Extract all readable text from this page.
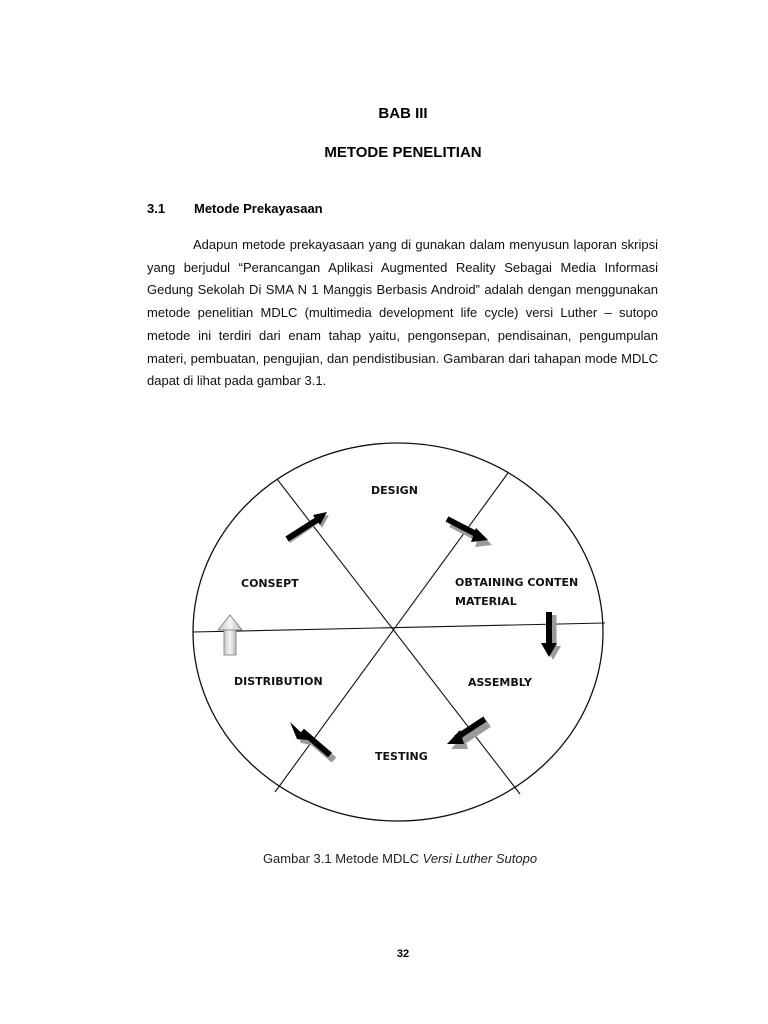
BAB III
METODE PENELITIAN
3.1 Metode Prekayasaan
Adapun metode prekayasaan yang di gunakan dalam menyusun laporan skripsi yang berjudul “Perancangan Aplikasi Augmented Reality Sebagai Media Informasi Gedung Sekolah Di SMA N 1 Manggis Berbasis Android” adalah dengan menggunakan metode penelitian MDLC (multimedia development life cycle) versi Luther – sutopo metode ini terdiri dari enam tahap yaitu, pengonsepan, pendisainan, pengumpulan materi, pembuatan, pengujian, dan pendistibusian. Gambaran dari tahapan mode MDLC dapat di lihat pada gambar 3.1.
DESIGN
OBTAINING CONTEN
MATERIAL
ASSEMBLY
TESTING
DISTRIBUTION
CONSEPT
Gambar 3.1 Metode MDLC Versi Luther Sutopo
32
